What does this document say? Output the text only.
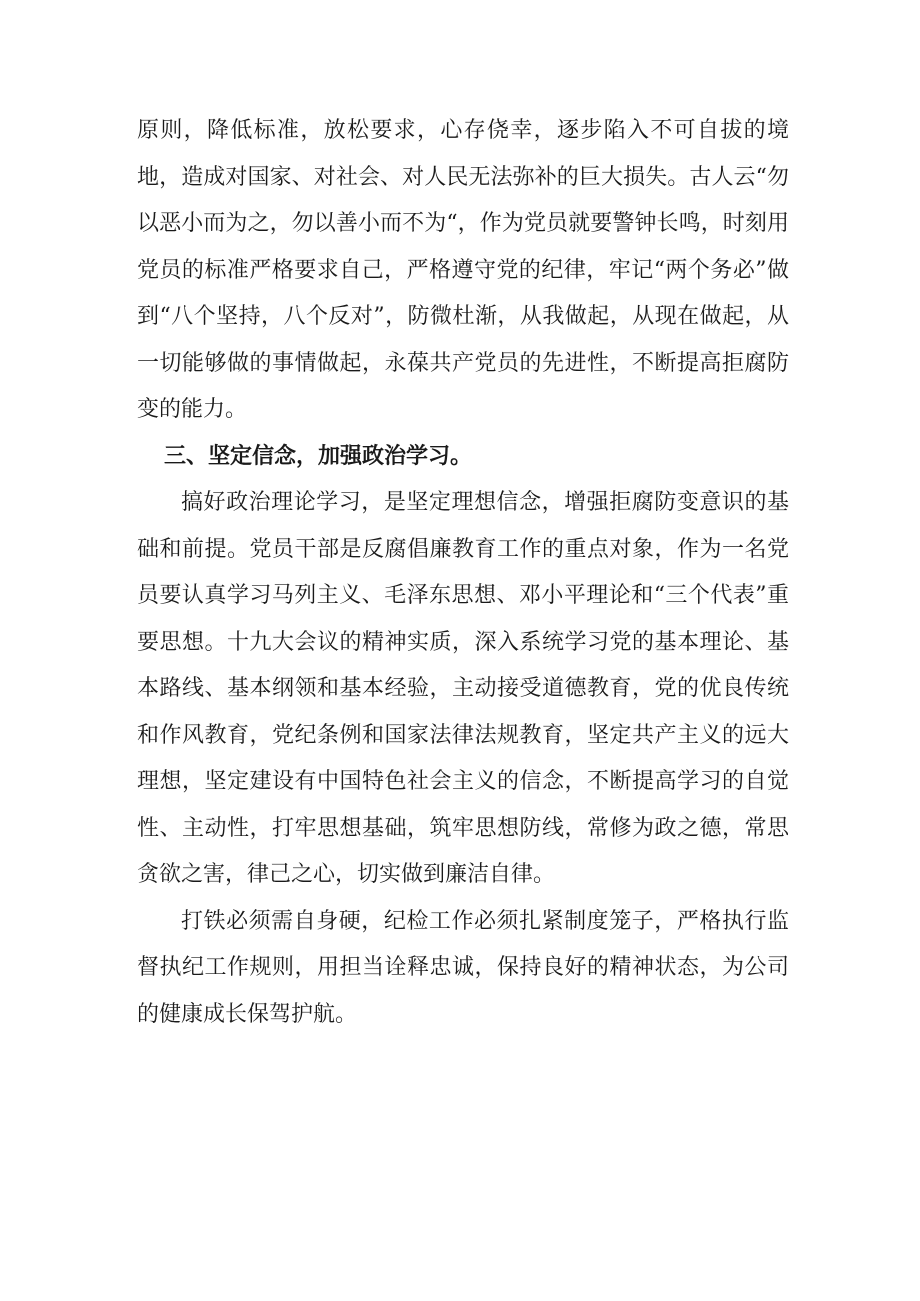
原则，降低标准，放松要求，心存侥幸，逐步陷入不可自拔的境地，造成对国家、对社会、对人民无法弥补的巨大损失。古人云“勿以恶小而为之，勿以善小而不为“，作为党员就要警钟长鸣，时刻用党员的标准严格要求自己，严格遵守党的纪律，牢记“两个务必”做到“八个坚持，八个反对”，防微杜渐，从我做起，从现在做起，从一切能够做的事情做起，永葆共产党员的先进性，不断提高拒腐防变的能力。

三、坚定信念，加强政治学习。

搞好政治理论学习，是坚定理想信念，增强拒腐防变意识的基础和前提。党员干部是反腐倡廉教育工作的重点对象，作为一名党员要认真学习马列主义、毛泽东思想、邓小平理论和“三个代表”重要思想。十九大会议的精神实质，深入系统学习党的基本理论、基本路线、基本纲领和基本经验，主动接受道德教育，党的优良传统和作风教育，党纪条例和国家法律法规教育，坚定共产主义的远大理想，坚定建设有中国特色社会主义的信念，不断提高学习的自觉性、主动性，打牢思想基础，筑牢思想防线，常修为政之德，常思贪欲之害，律己之心，切实做到廉洁自律。

打铁必须需自身硬，纪检工作必须扎紧制度笼子，严格执行监督执纪工作规则，用担当诠释忠诚，保持良好的精神状态，为公司的健康成长保驾护航。
